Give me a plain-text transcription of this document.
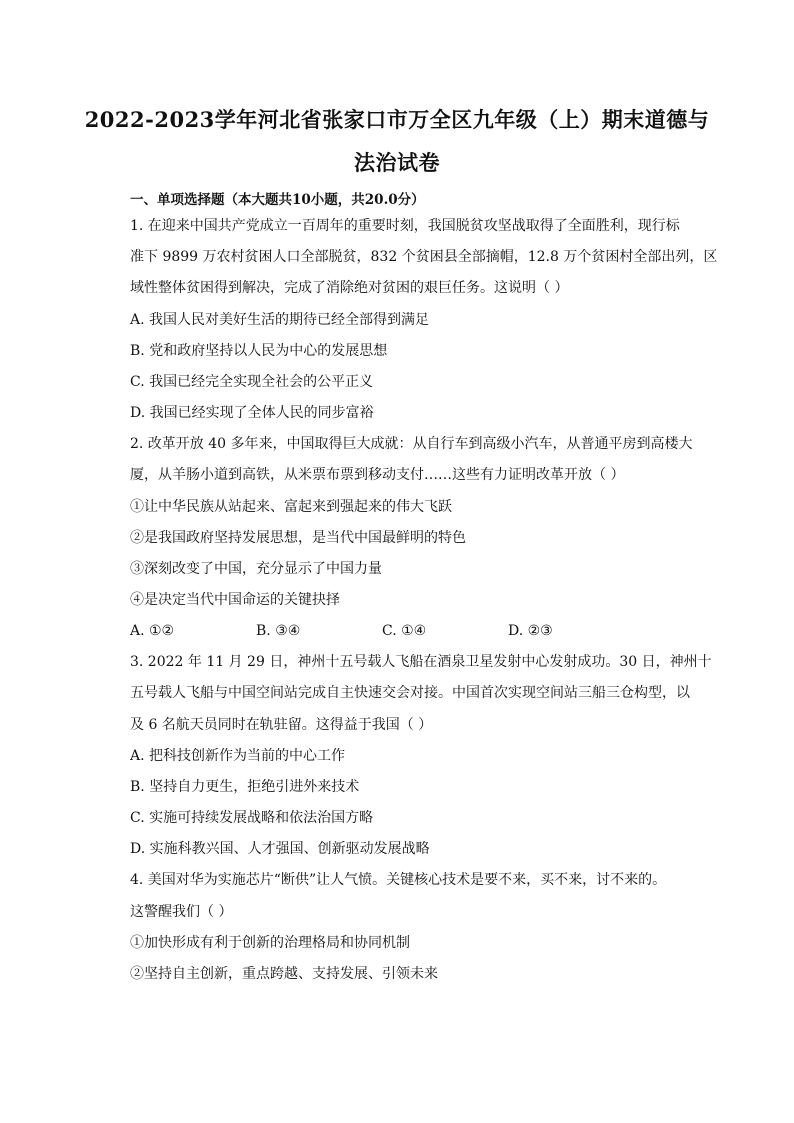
2022-2023学年河北省张家口市万全区九年级（上）期末道德与
法治试卷
一、单项选择题（本大题共10小题，共20.0分）
1. 在迎来中国共产党成立一百周年的重要时刻，我国脱贫攻坚战取得了全面胜利，现行标
准下 9899 万农村贫困人口全部脱贫，832 个贫困县全部摘帽，12.8 万个贫困村全部出列，区
域性整体贫困得到解决，完成了消除绝对贫困的艰巨任务。这说明（ ）
A. 我国人民对美好生活的期待已经全部得到满足
B. 党和政府坚持以人民为中心的发展思想
C. 我国已经完全实现全社会的公平正义
D. 我国已经实现了全体人民的同步富裕
2. 改革开放 40 多年来，中国取得巨大成就：从自行车到高级小汽车，从普通平房到高楼大
厦，从羊肠小道到高铁，从米票布票到移动支付……这些有力证明改革开放（ ）
①让中华民族从站起来、富起来到强起来的伟大飞跃
②是我国政府坚持发展思想，是当代中国最鲜明的特色
③深刻改变了中国，充分显示了中国力量
④是决定当代中国命运的关键抉择
A. ①②	B. ③④	C. ①④	D. ②③
3. 2022 年 11 月 29 日，神州十五号载人飞船在酒泉卫星发射中心发射成功。30 日，神州十
五号载人飞船与中国空间站完成自主快速交会对接。中国首次实现空间站三船三仓构型，以
及 6 名航天员同时在轨驻留。这得益于我国（ ）
A. 把科技创新作为当前的中心工作
B. 坚持自力更生，拒绝引进外来技术
C. 实施可持续发展战略和依法治国方略
D. 实施科教兴国、人才强国、创新驱动发展战略
4. 美国对华为实施芯片“断供”让人气愤。关键核心技术是要不来，买不来，讨不来的。
这警醒我们（ ）
①加快形成有利于创新的治理格局和协同机制
②坚持自主创新，重点跨越、支持发展、引领未来
